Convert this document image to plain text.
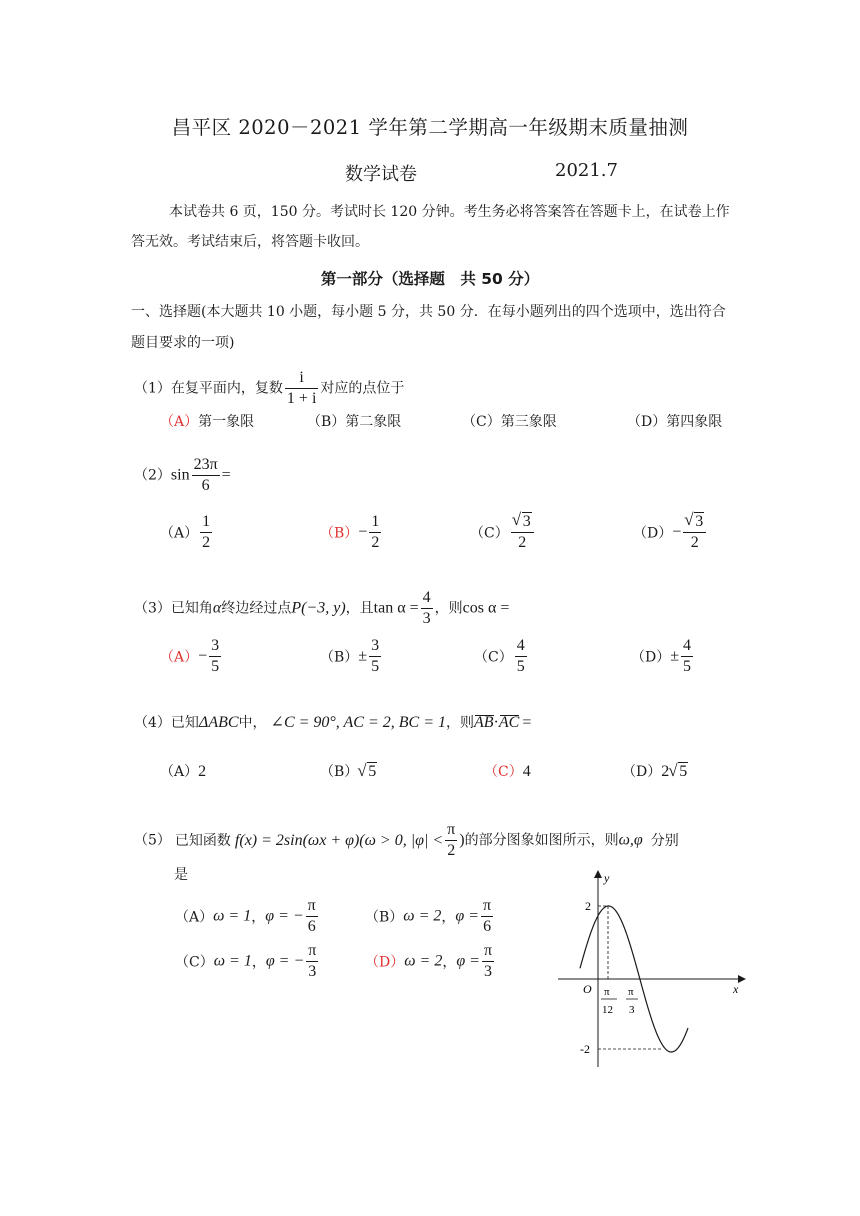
昌平区 2020－2021 学年第二学期高一年级期末质量抽测
数学试卷	2021.7
本试卷共 6 页，150 分。考试时长 120 分钟。考生务必将答案答在答题卡上，在试卷上作答无效。考试结束后，将答题卡收回。
第一部分（选择题　共 50 分）
一、选择题(本大题共 10 小题，每小题 5 分，共 50 分．在每小题列出的四个选项中，选出符合题目要求的一项)
（1）在复平面内，复数 $\frac{i}{1 + i}$ 对应的点位于
（A）第一象限	（B）第二象限	（C）第三象限	（D）第四象限
$(2)\sin \frac{23\pi}{6}$ =
$(A) \frac{1}{2}$	$(B)- \frac{1}{2}$	（C） √ $\frac{3}{2}$	（D）− √ $\frac{3}{2}$
（3）已知角α终边经过点P(−3, y)，且$\tan \alpha = \frac{4}{3}$ ，则cos α =
$(A)- \frac{3}{5}$	$(B)\pm \frac{3}{5}$	$(C) \frac{4}{5}$	$(D)\pm \frac{4}{5}$
（4）已知ΔABC中， ∠C = 90°, AC = 2, BC = 1，则AB·AC =
（A）2	（B） √ 5	（C）4	（D）2 √ 5
（5） 已知函数 f(x) = 2sin(ωx + φ)(ω > 0, $|\varphi| < \frac{\pi}{2}$ )的部分图象如图所示，则ω,φ 分别
是
（A）ω = 1，φ = − $\frac{\pi}{6}$	（B）ω = 2，$\varphi = \frac{\pi}{6}$
（C）ω = 1，φ = − $\frac{\pi}{3}$	（D）ω = 2，$\varphi = \frac{\pi}{3}$
y
x
O
2
-2
π
12
π
3
